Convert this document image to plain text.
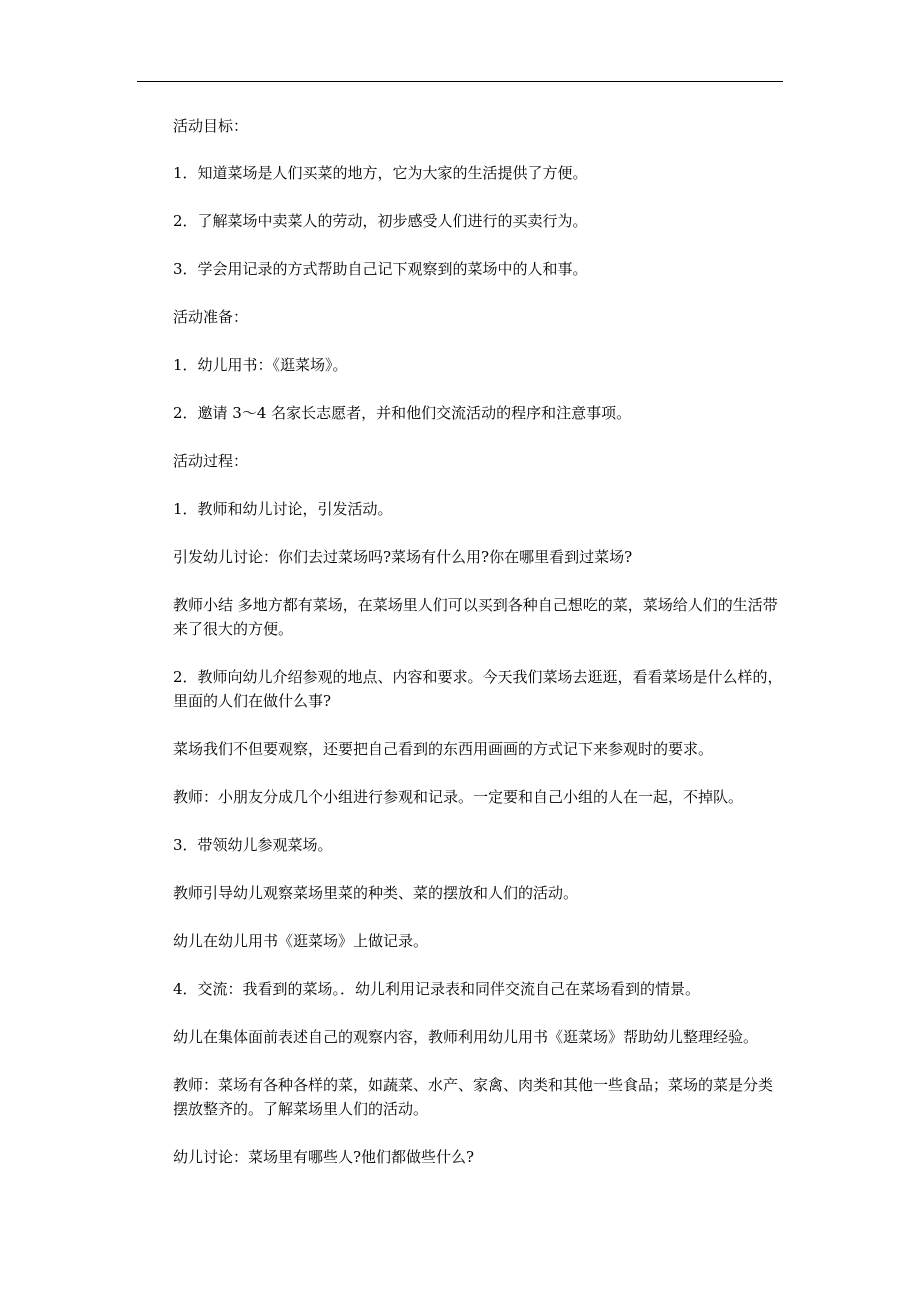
活动目标：

1．知道菜场是人们买菜的地方，它为大家的生活提供了方便。

2．了解菜场中卖菜人的劳动，初步感受人们进行的买卖行为。

3．学会用记录的方式帮助自己记下观察到的菜场中的人和事。

活动准备：

1．幼儿用书：《逛菜场》。

2．邀请 3～4 名家长志愿者，并和他们交流活动的程序和注意事项。

活动过程：

1．教师和幼儿讨论，引发活动。

引发幼儿讨论：你们去过菜场吗?菜场有什么用?你在哪里看到过菜场?

教师小结 多地方都有菜场，在菜场里人们可以买到各种自己想吃的菜，菜场给人们的生活带来了很大的方便。

2．教师向幼儿介绍参观的地点、内容和要求。今天我们菜场去逛逛，看看菜场是什么样的，里面的人们在做什么事?

菜场我们不但要观察，还要把自己看到的东西用画画的方式记下来参观时的要求。

教师：小朋友分成几个小组进行参观和记录。一定要和自己小组的人在一起，不掉队。

3．带领幼儿参观菜场。

教师引导幼儿观察菜场里菜的种类、菜的摆放和人们的活动。

幼儿在幼儿用书《逛菜场》上做记录。

4．交流：我看到的菜场。．幼儿利用记录表和同伴交流自己在菜场看到的情景。

幼儿在集体面前表述自己的观察内容，教师利用幼儿用书《逛菜场》帮助幼儿整理经验。

教师：菜场有各种各样的菜，如蔬菜、水产、家禽、肉类和其他一些食品；菜场的菜是分类摆放整齐的。了解菜场里人们的活动。

幼儿讨论：菜场里有哪些人?他们都做些什么?
